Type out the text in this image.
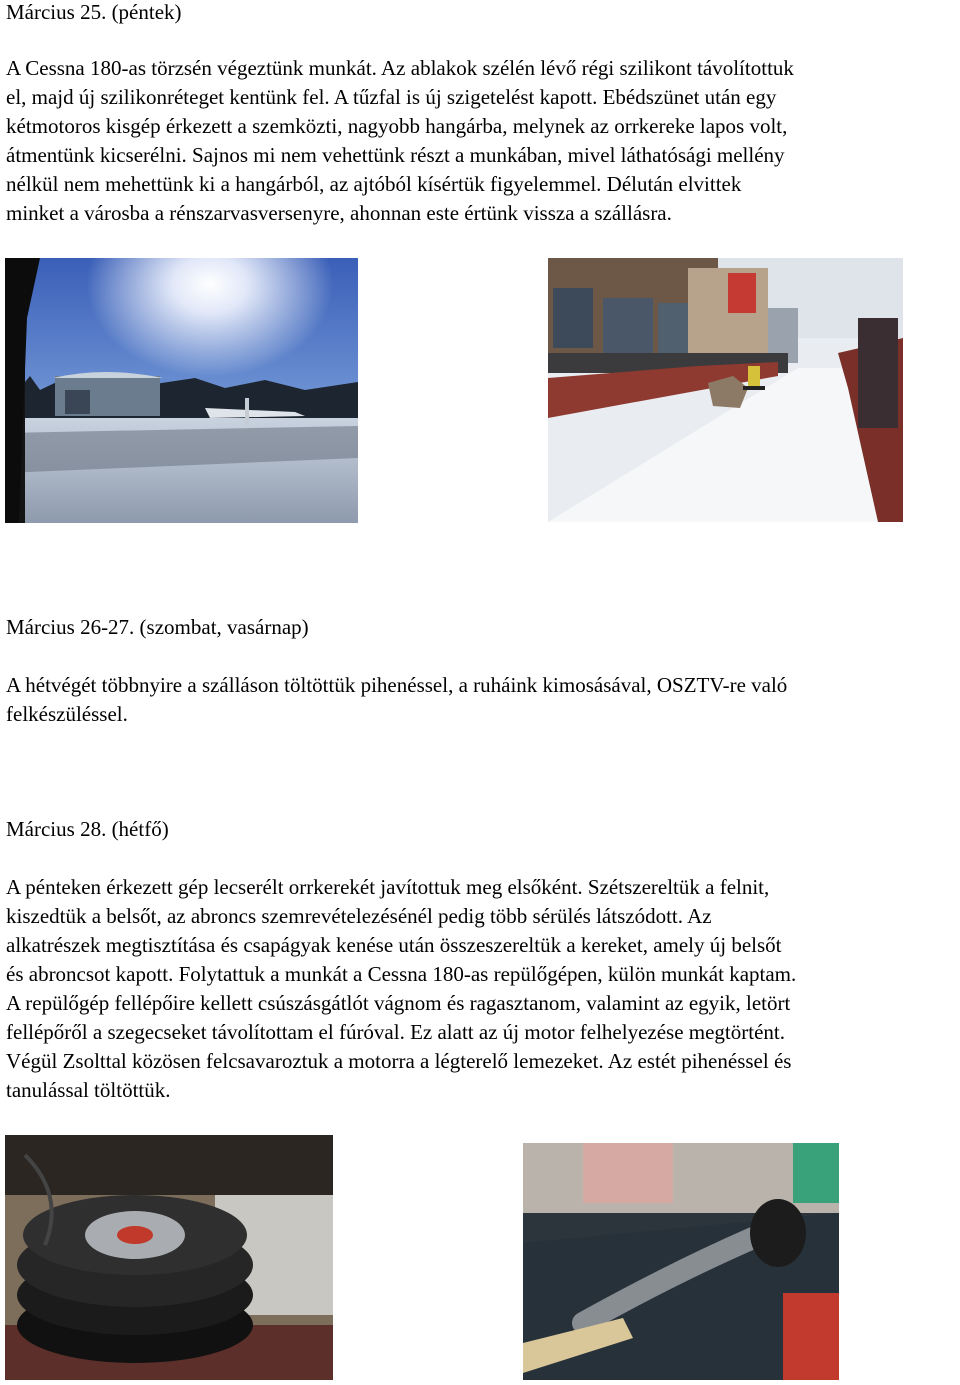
Március 25. (péntek)
A Cessna 180-as törzsén végeztünk munkát. Az ablakok szélén lévő régi szilikont távolítottuk
el, majd új szilikonréteget kentünk fel. A tűzfal is új szigetelést kapott. Ebédszünet után egy
kétmotoros kisgép érkezett a szemközti, nagyobb hangárba, melynek az orrkereke lapos volt,
átmentünk kicserélni. Sajnos mi nem vehettünk részt a munkában, mivel láthatósági mellény
nélkül nem mehettünk ki a hangárból, az ajtóból kísértük figyelemmel. Délután elvittek
minket a városba a rénszarvasversenyre, ahonnan este értünk vissza a szállásra.
Március 26-27. (szombat, vasárnap)
A hétvégét többnyire a szálláson töltöttük pihenéssel, a ruháink kimosásával, OSZTV-re való
felkészüléssel.
Március 28. (hétfő)
A pénteken érkezett gép lecserélt orrkerekét javítottuk meg elsőként. Szétszereltük a felnit,
kiszedtük a belsőt, az abroncs szemrevételezésénél pedig több sérülés látszódott. Az
alkatrészek megtisztítása és csapágyak kenése után összeszereltük a kereket, amely új belsőt
és abroncsot kapott. Folytattuk a munkát a Cessna 180-as repülőgépen, külön munkát kaptam.
A repülőgép fellépőire kellett csúszásgátlót vágnom és ragasztanom, valamint az egyik, letört
fellépőről a szegecseket távolítottam el fúróval. Ez alatt az új motor felhelyezése megtörtént.
Végül Zsolttal közösen felcsavaroztuk a motorra a légterelő lemezeket. Az estét pihenéssel és
tanulással töltöttük.
